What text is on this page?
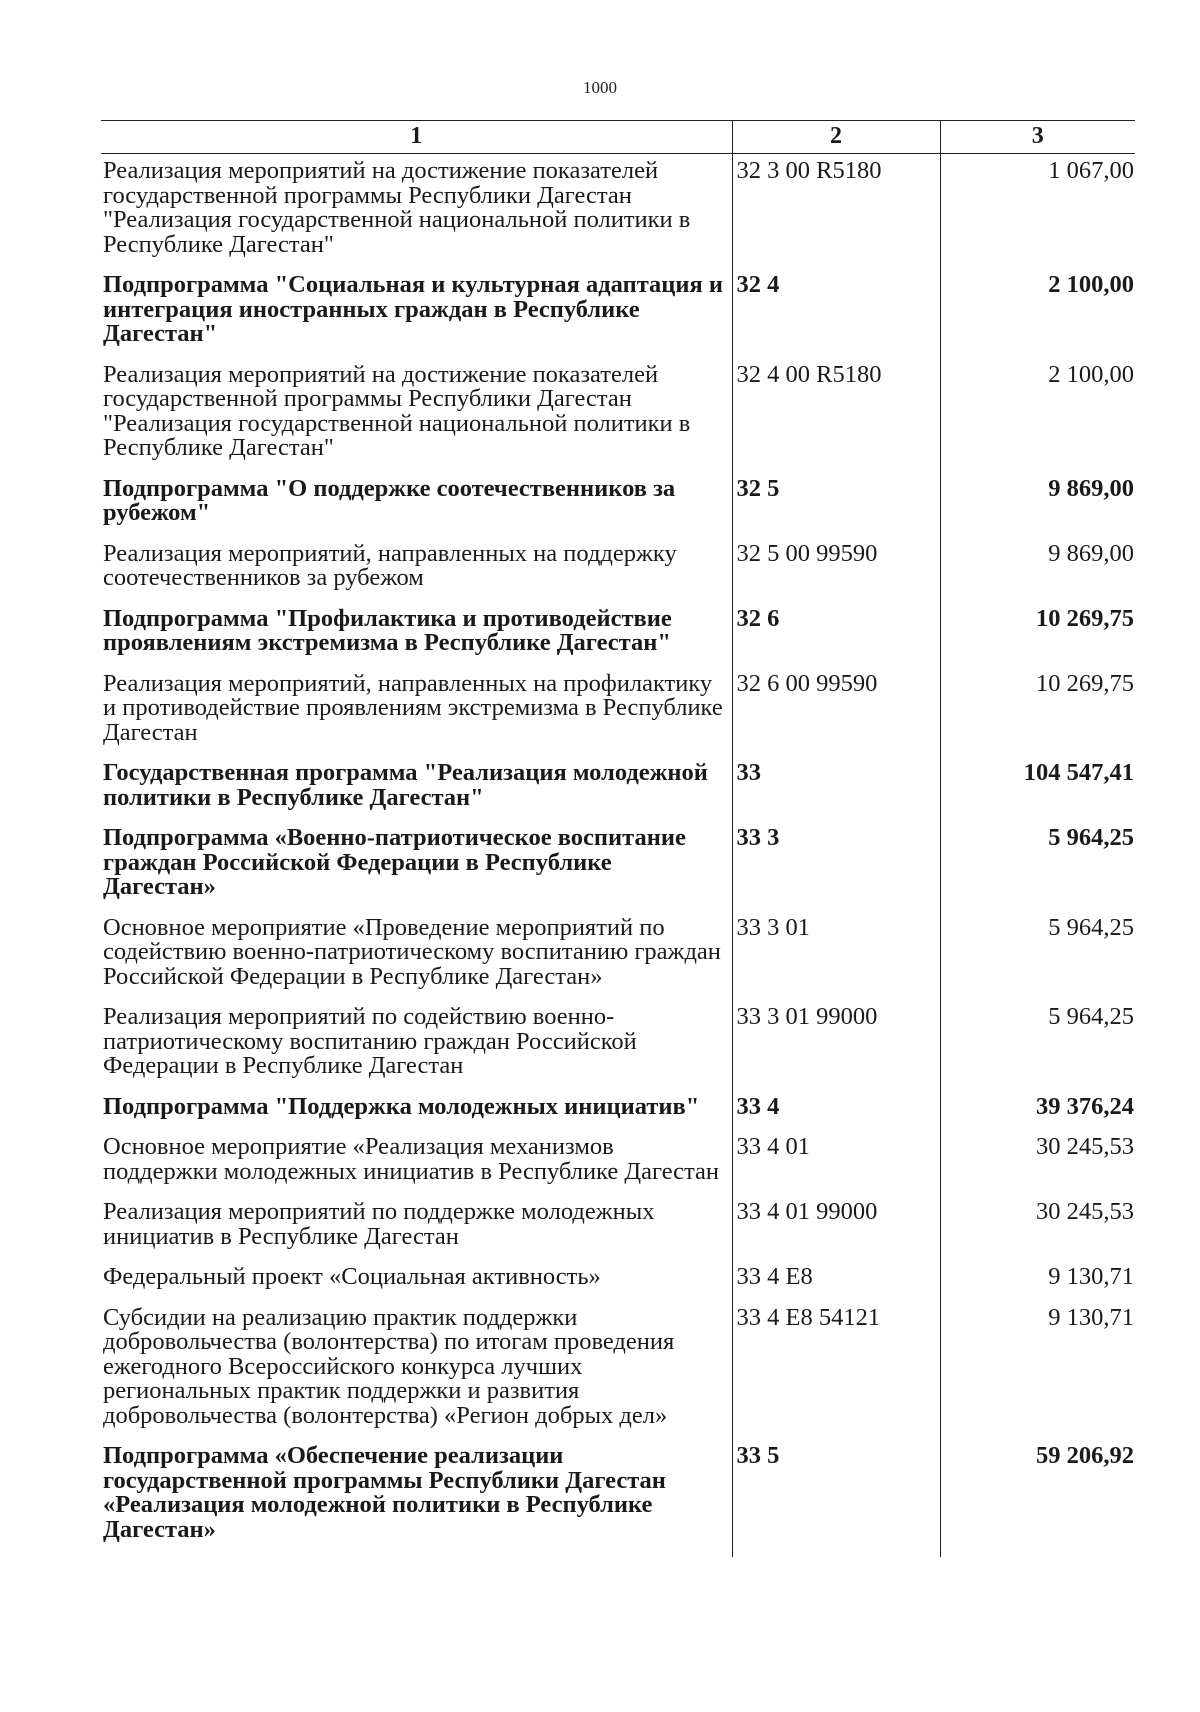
1000
1	2	3
Реализация мероприятий на достижение показателей государственной программы Республики Дагестан "Реализация государственной национальной политики в Республике Дагестан"	32 3 00 R5180	1 067,00
Подпрограмма "Социальная и культурная адаптация и интеграция иностранных граждан в Республике Дагестан"	32 4	2 100,00
Реализация мероприятий на достижение показателей государственной программы Республики Дагестан "Реализация государственной национальной политики в Республике Дагестан"	32 4 00 R5180	2 100,00
Подпрограмма "О поддержке соотечественников за рубежом"	32 5	9 869,00
Реализация мероприятий, направленных на поддержку соотечественников за рубежом	32 5 00 99590	9 869,00
Подпрограмма "Профилактика и противодействие проявлениям экстремизма в Республике Дагестан"	32 6	10 269,75
Реализация мероприятий, направленных на профилактику и противодействие проявлениям экстремизма в Республике Дагестан	32 6 00 99590	10 269,75
Государственная программа "Реализация молодежной политики в Республике Дагестан"	33	104 547,41
Подпрограмма «Военно-патриотическое воспитание граждан Российской Федерации в Республике Дагестан»	33 3	5 964,25
Основное мероприятие «Проведение мероприятий по содействию военно-патриотическому воспитанию граждан Российской Федерации в Республике Дагестан»	33 3 01	5 964,25
Реализация мероприятий по содействию военно-патриотическому воспитанию граждан Российской Федерации в Республике Дагестан	33 3 01 99000	5 964,25
Подпрограмма "Поддержка молодежных инициатив"	33 4	39 376,24
Основное мероприятие «Реализация механизмов поддержки молодежных инициатив в Республике Дагестан	33 4 01	30 245,53
Реализация мероприятий по поддержке молодежных инициатив в Республике Дагестан	33 4 01 99000	30 245,53
Федеральный проект «Социальная активность»	33 4 E8	9 130,71
Субсидии на реализацию практик поддержки добровольчества (волонтерства) по итогам проведения ежегодного Всероссийского конкурса лучших региональных практик поддержки и развития добровольчества (волонтерства) «Регион добрых дел»	33 4 E8 54121	9 130,71
Подпрограмма «Обеспечение реализации государственной программы Республики Дагестан «Реализация молодежной политики в Республике Дагестан»	33 5	59 206,92
